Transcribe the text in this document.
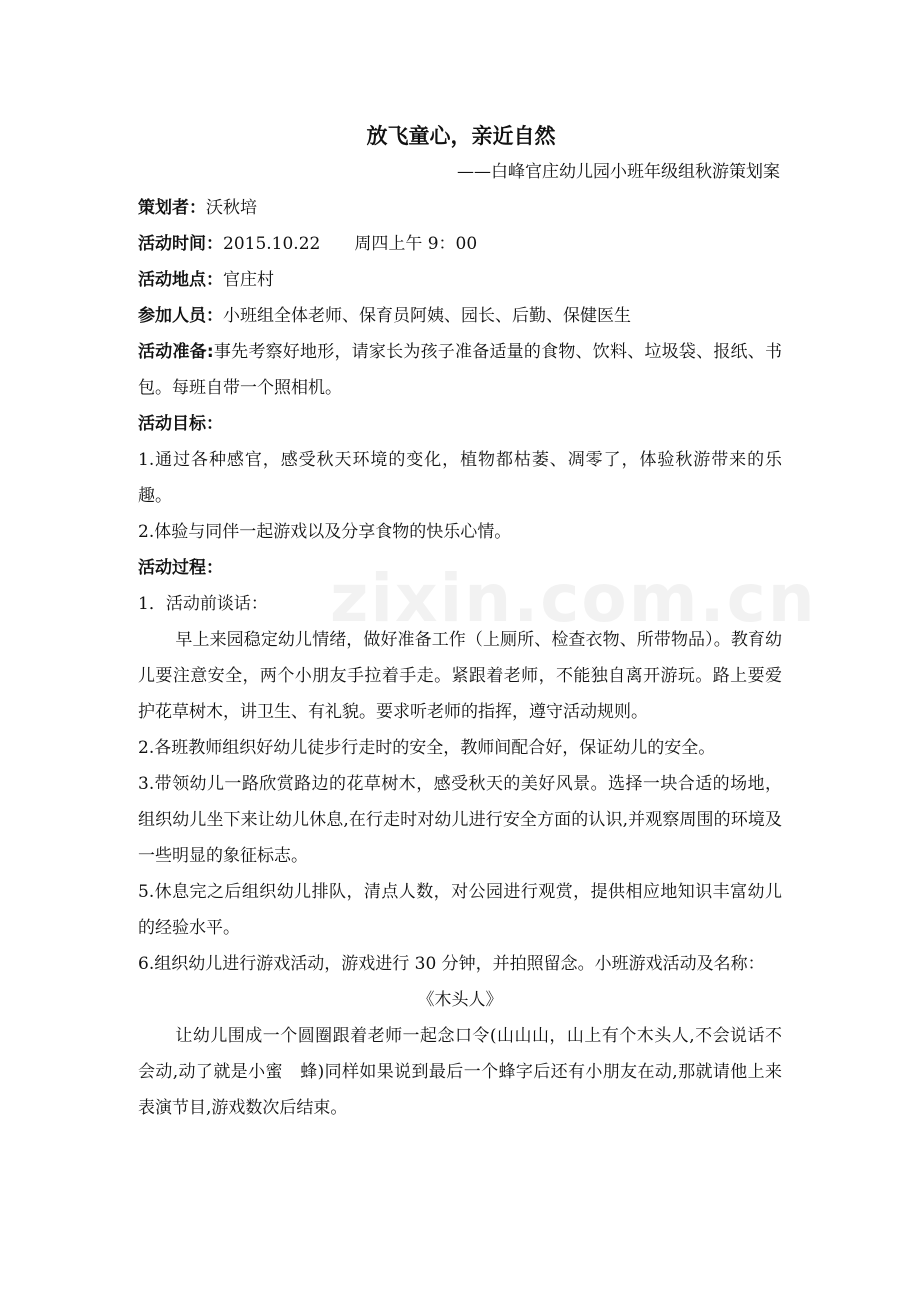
zixin.com.cn
放飞童心，亲近自然
——白峰官庄幼儿园小班年级组秋游策划案

策划者：沃秋培

活动时间：2015.10.22　　周四上午 9：00

活动地点：官庄村

参加人员：小班组全体老师、保育员阿姨、园长、后勤、保健医生

活动准备:事先考察好地形，请家长为孩子准备适量的食物、饮料、垃圾袋、报纸、书包。每班自带一个照相机。

活动目标：

1.通过各种感官，感受秋天环境的变化，植物都枯萎、凋零了，体验秋游带来的乐趣。

2.体验与同伴一起游戏以及分享食物的快乐心情。

活动过程：

1．活动前谈话：

早上来园稳定幼儿情绪，做好准备工作（上厕所、检查衣物、所带物品）。教育幼儿要注意安全，两个小朋友手拉着手走。紧跟着老师，不能独自离开游玩。路上要爱护花草树木，讲卫生、有礼貌。要求听老师的指挥，遵守活动规则。

2.各班教师组织好幼儿徒步行走时的安全，教师间配合好，保证幼儿的安全。

3.带领幼儿一路欣赏路边的花草树木，感受秋天的美好风景。选择一块合适的场地，组织幼儿坐下来让幼儿休息,在行走时对幼儿进行安全方面的认识,并观察周围的环境及一些明显的象征标志。

5.休息完之后组织幼儿排队，清点人数，对公园进行观赏，提供相应地知识丰富幼儿的经验水平。

6.组织幼儿进行游戏活动，游戏进行 30 分钟，并拍照留念。小班游戏活动及名称：

《木头人》

让幼儿围成一个圆圈跟着老师一起念口令(山山山，山上有个木头人,不会说话不会动,动了就是小蜜　蜂)同样如果说到最后一个蜂字后还有小朋友在动,那就请他上来表演节目,游戏数次后结束。
